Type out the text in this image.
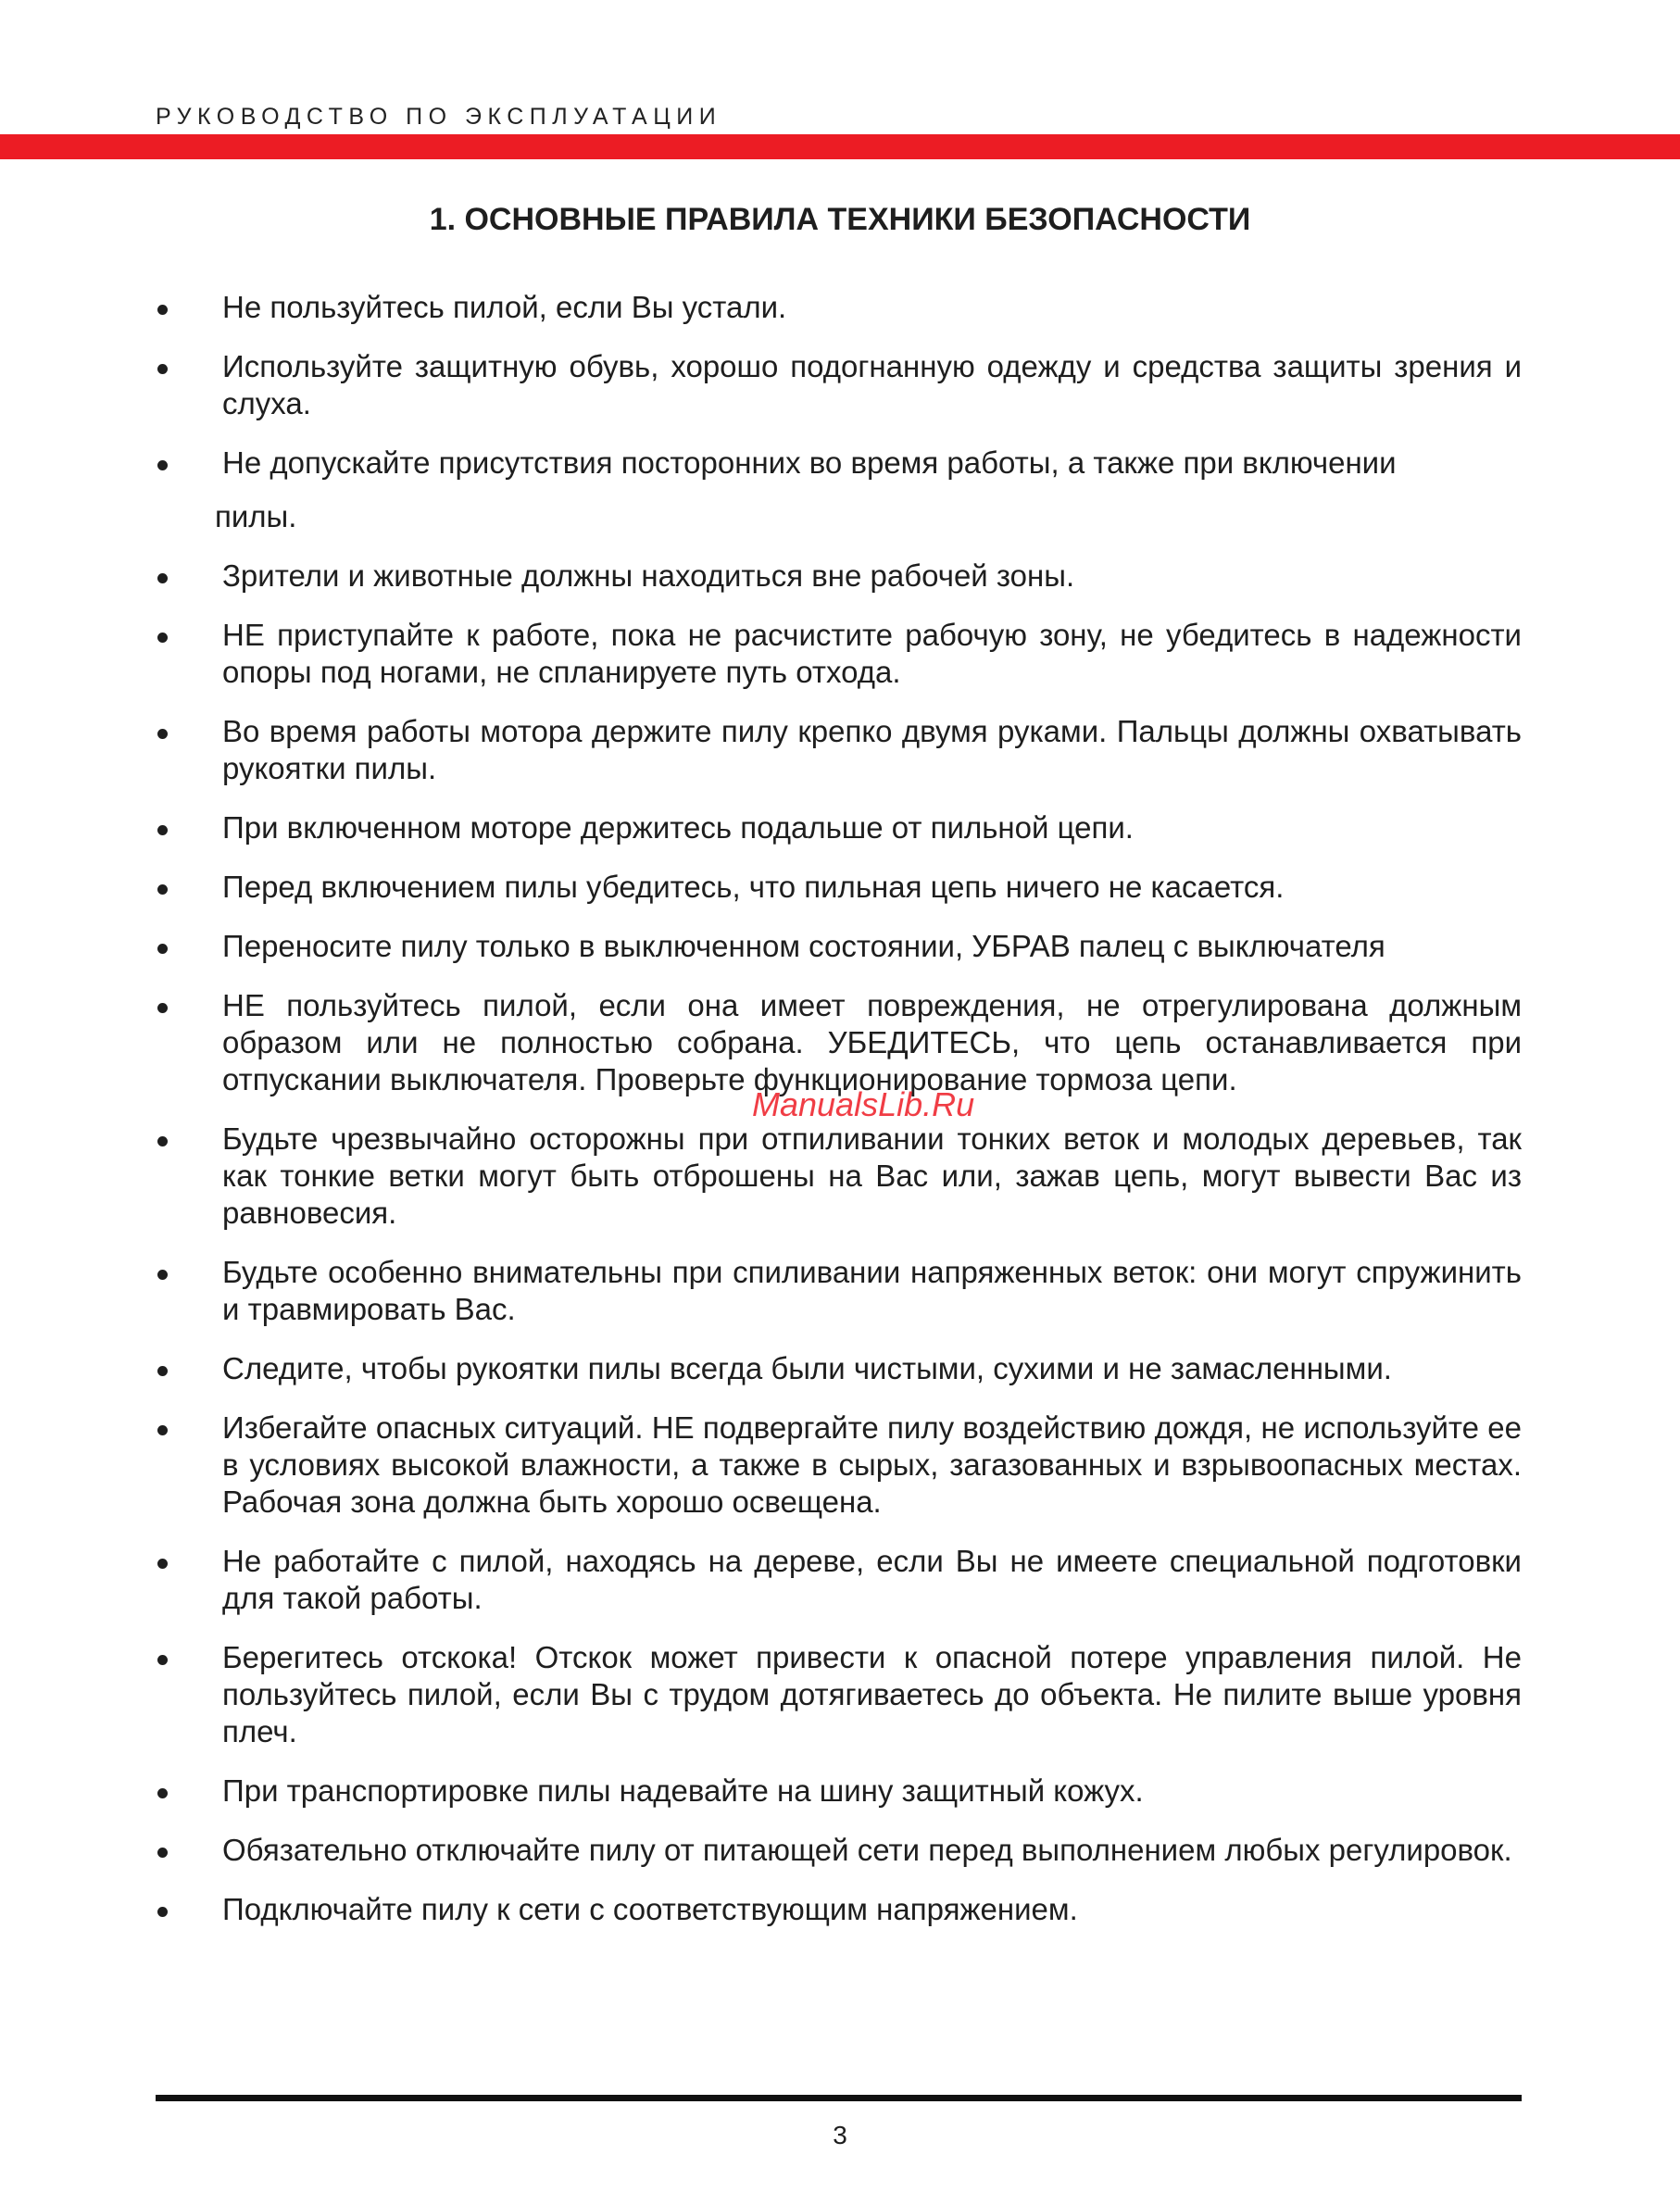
РУКОВОДСТВО ПО ЭКСПЛУАТАЦИИ
1. ОСНОВНЫЕ ПРАВИЛА ТЕХНИКИ БЕЗОПАСНОСТИ
Не пользуйтесь пилой, если Вы устали.
Используйте защитную обувь, хорошо подогнанную одежду и средства защиты зрения и слуха.
Не допускайте присутствия посторонних во время работы, а также при включении
пилы.
Зрители и животные должны находиться вне рабочей зоны.
НЕ приступайте к работе, пока не расчистите рабочую зону, не убедитесь в надежности опоры под ногами, не спланируете путь отхода.
Во время работы мотора держите пилу крепко двумя руками. Пальцы должны охватывать рукоятки пилы.
При включенном моторе держитесь подальше от пильной цепи.
Перед включением пилы убедитесь, что пильная цепь ничего не касается.
Переносите пилу только в выключенном состоянии, УБРАВ палец с выключателя
НЕ пользуйтесь пилой, если она имеет повреждения, не отрегулирована должным образом или не полностью собрана. УБЕДИТЕСЬ, что цепь останавливается при отпускании выключателя. Проверьте функционирование тормоза цепи.
Будьте чрезвычайно осторожны при отпиливании тонких веток и молодых деревьев, так как тонкие ветки могут быть отброшены на Вас или, зажав цепь, могут вывести Вас из равновесия.
Будьте особенно внимательны при спиливании напряженных веток: они могут спружинить и травмировать Вас.
Следите, чтобы рукоятки пилы всегда были чистыми, сухими и не замасленными.
Избегайте опасных ситуаций. НЕ подвергайте пилу воздействию дождя, не используйте ее в условиях высокой влажности, а также в сырых, загазованных и взрывоопасных местах. Рабочая зона должна быть хорошо освещена.
Не работайте с пилой, находясь на дереве, если Вы не имеете специальной подготовки для такой работы.
Берегитесь отскока! Отскок может привести к опасной потере управления пилой. Не пользуйтесь пилой, если Вы с трудом дотягиваетесь до объекта. Не пилите выше уровня плеч.
При транспортировке пилы надевайте на шину защитный кожух.
Обязательно отключайте пилу от питающей сети перед выполнением любых регулировок.
Подключайте пилу к сети с соответствующим напряжением.
ManualsLib.Ru
3
